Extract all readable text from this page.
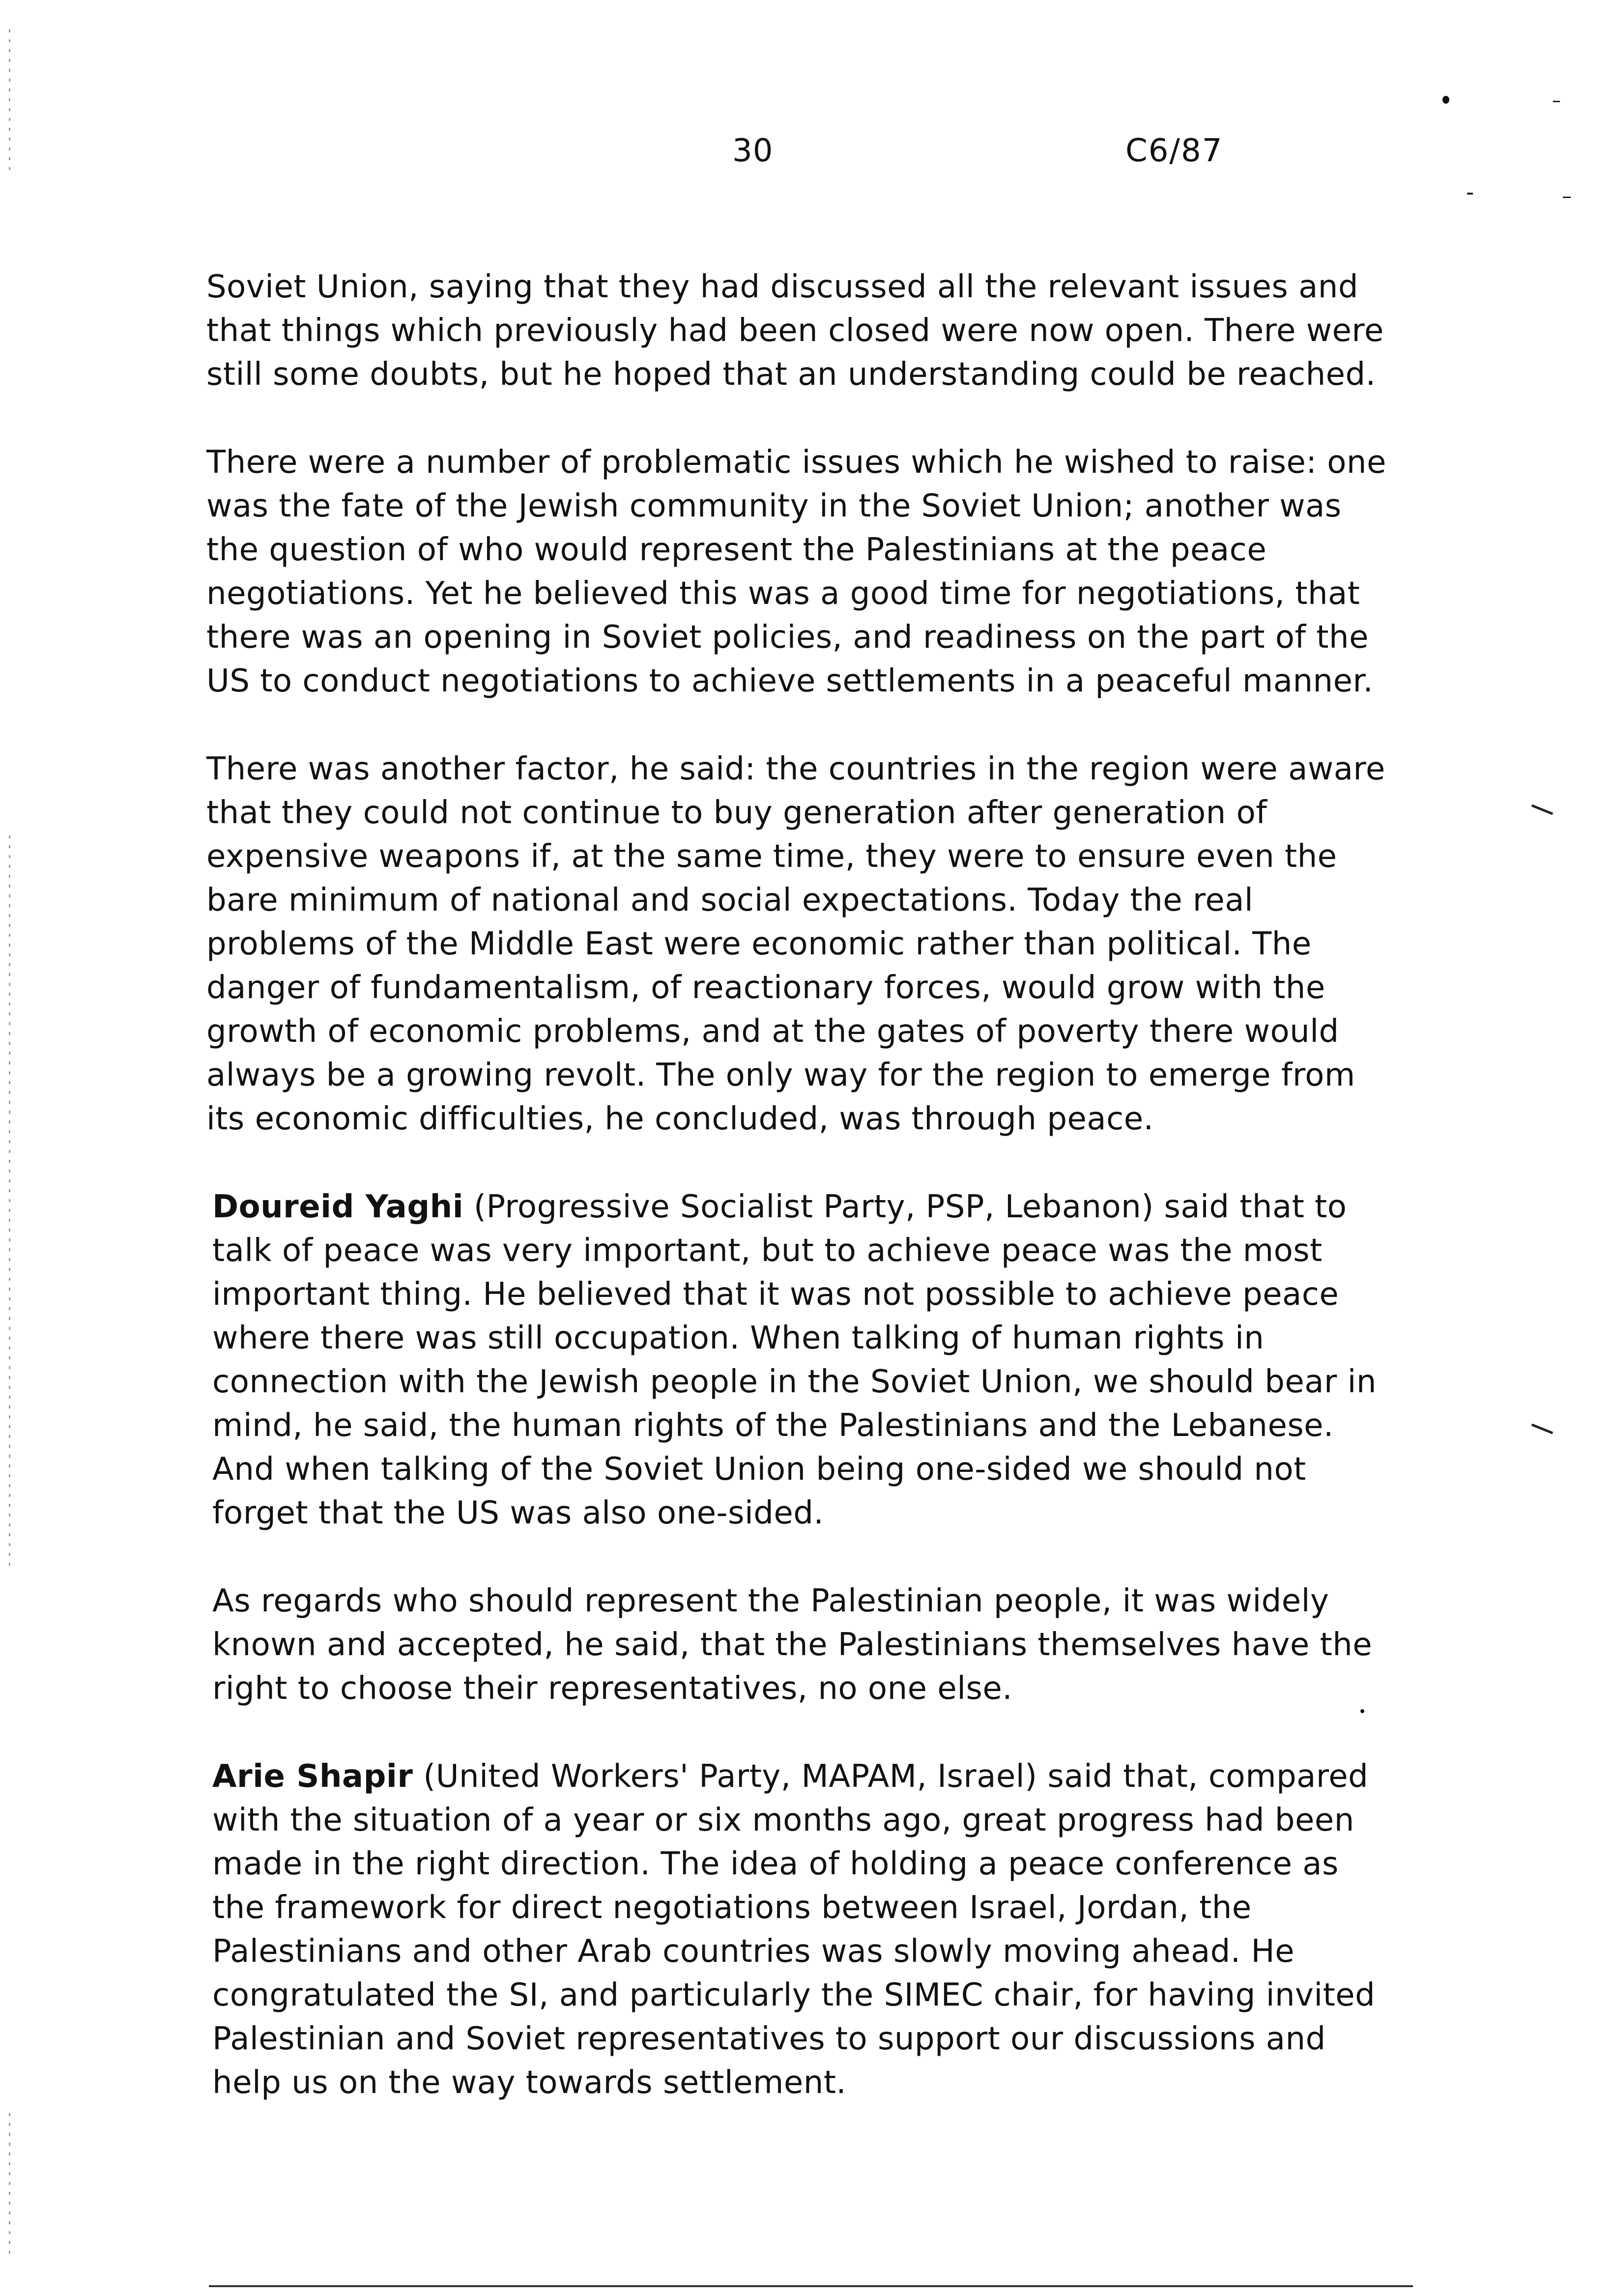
30	C6/87

Soviet Union, saying that they had discussed all the relevant issues and that things which previously had been closed were now open. There were still some doubts, but he hoped that an understanding could be reached.

There were a number of problematic issues which he wished to raise: one was the fate of the Jewish community in the Soviet Union; another was the question of who would represent the Palestinians at the peace negotiations. Yet he believed this was a good time for negotiations, that there was an opening in Soviet policies, and readiness on the part of the US to conduct negotiations to achieve settlements in a peaceful manner.

There was another factor, he said: the countries in the region were aware that they could not continue to buy generation after generation of expensive weapons if, at the same time, they were to ensure even the bare minimum of national and social expectations. Today the real problems of the Middle East were economic rather than political. The danger of fundamentalism, of reactionary forces, would grow with the growth of economic problems, and at the gates of poverty there would always be a growing revolt. The only way for the region to emerge from its economic difficulties, he concluded, was through peace.

Doureid Yaghi (Progressive Socialist Party, PSP, Lebanon) said that to talk of peace was very important, but to achieve peace was the most important thing. He believed that it was not possible to achieve peace where there was still occupation. When talking of human rights in connection with the Jewish people in the Soviet Union, we should bear in mind, he said, the human rights of the Palestinians and the Lebanese. And when talking of the Soviet Union being one-sided we should not forget that the US was also one-sided.

As regards who should represent the Palestinian people, it was widely known and accepted, he said, that the Palestinians themselves have the right to choose their representatives, no one else.

Arie Shapir (United Workers' Party, MAPAM, Israel) said that, compared with the situation of a year or six months ago, great progress had been made in the right direction. The idea of holding a peace conference as the framework for direct negotiations between Israel, Jordan, the Palestinians and other Arab countries was slowly moving ahead. He congratulated the SI, and particularly the SIMEC chair, for having invited Palestinian and Soviet representatives to support our discussions and help us on the way towards settlement.
